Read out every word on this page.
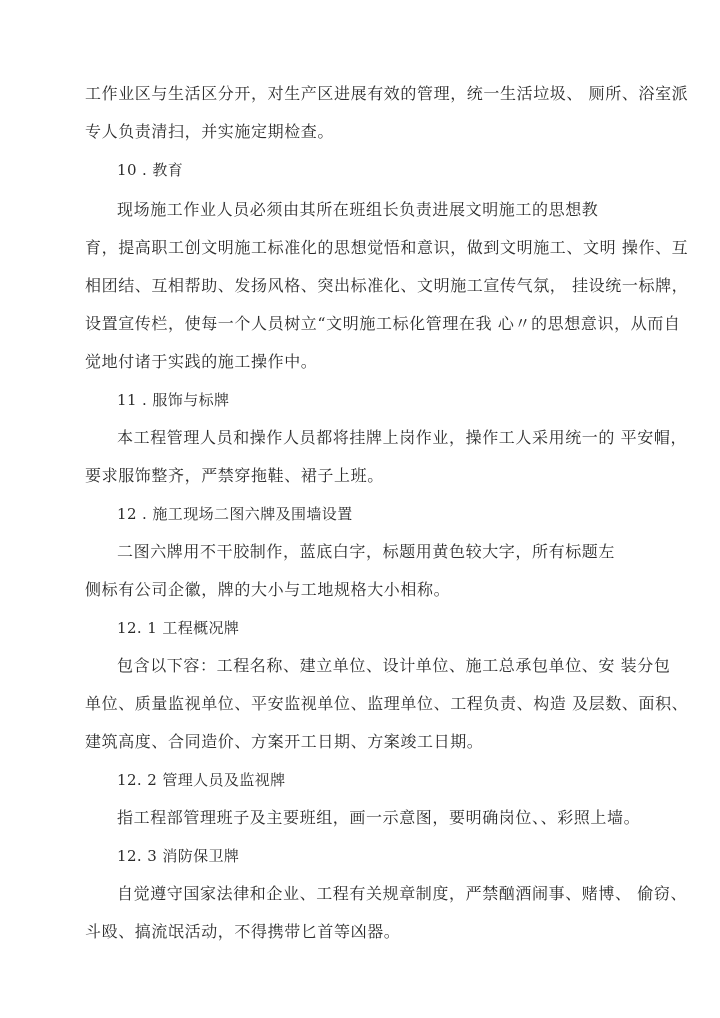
工作业区与生活区分开，对生产区进展有效的管理，统一生活垃圾、 厕所、浴室派
专人负责清扫，并实施定期检查。
10 . 教育
现场施工作业人员必须由其所在班组长负责进展文明施工的思想教
育，提高职工创文明施工标准化的思想觉悟和意识，做到文明施工、文明 操作、互
相团结、互相帮助、发扬风格、突出标准化、文明施工宣传气氛， 挂设统一标牌，
设置宣传栏，使每一个人员树立“文明施工标化管理在我 心〃的思想意识，从而自
觉地付诸于实践的施工操作中。
11 . 服饰与标牌
本工程管理人员和操作人员都将挂牌上岗作业，操作工人采用统一的 平安帽，
要求服饰整齐，严禁穿拖鞋、裙子上班。
12 . 施工现场二图六牌及围墙设置
二图六牌用不干胶制作，蓝底白字，标题用黄色较大字，所有标题左
侧标有公司企徽，牌的大小与工地规格大小相称。
12. 1 工程概况牌
包含以下容：工程名称、建立单位、设计单位、施工总承包单位、安 装分包
单位、质量监视单位、平安监视单位、监理单位、工程负责、构造 及层数、面积、
建筑高度、合同造价、方案开工日期、方案竣工日期。
12. 2 管理人员及监视牌
指工程部管理班子及主要班组，画一示意图，要明确岗位、、彩照上墙。
12. 3 消防保卫牌
自觉遵守国家法律和企业、工程有关规章制度，严禁酗酒闹事、赌博、 偷窃、
斗殴、搞流氓活动，不得携带匕首等凶器。
